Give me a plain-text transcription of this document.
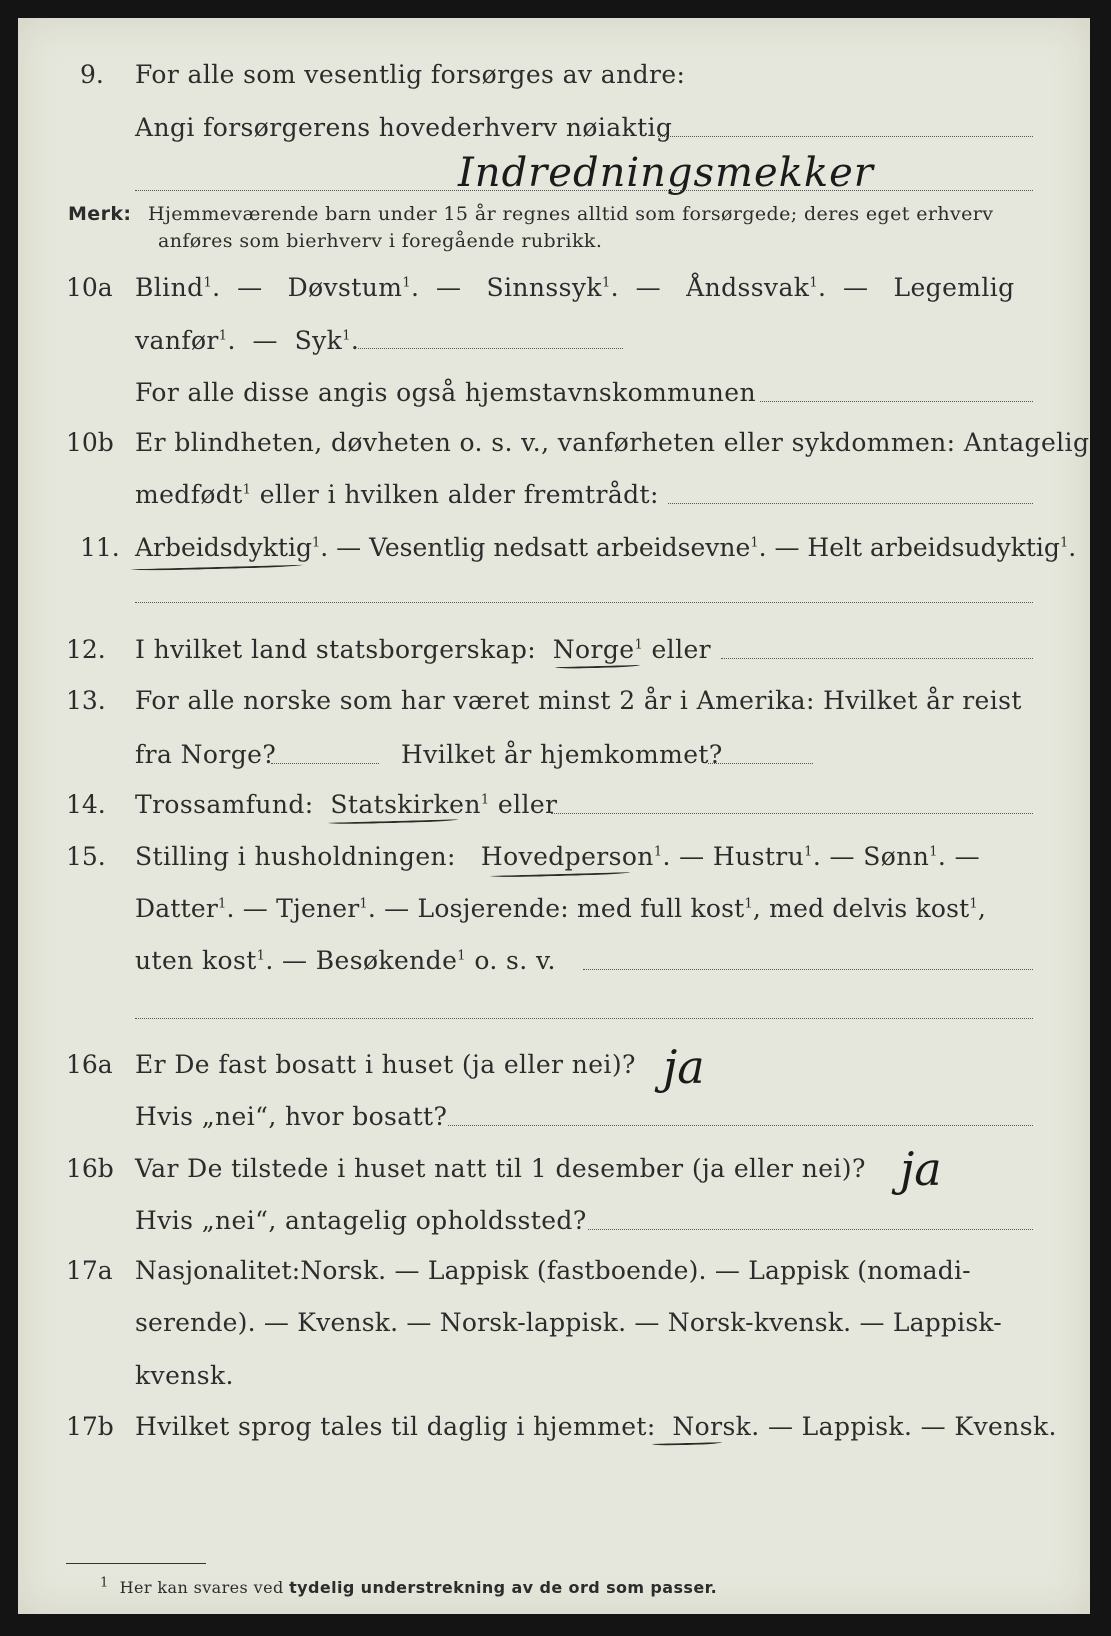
9. For alle som vesentlig forsørges av andre:
Angi forsørgerens hovederhverv nøiaktig
Indredningsmekker
Merk: Hjemmeværende barn under 15 år regnes alltid som forsørgede; deres eget erhverv
anføres som bierhverv i foregående rubrikk.
10a Blind$^1$.  —   Døvstum$^1$.  —   Sinnssyk$^1$.  —   Åndssvak$^1$.  —   Legemlig
vanfør$^1$.  —  Syk$^1$.
For alle disse angis også hjemstavnskommunen
10b Er blindheten, døvheten o. s. v., vanførheten eller sykdommen: Antagelig
medfødt$^1$ eller i hvilken alder fremtrådt:
11. Arbeidsdyktig$^1$. — Vesentlig nedsatt arbeidsevne$^1$. — Helt arbeidsudyktig$^1$.
12. I hvilket land statsborgerskap: Norge$^1$ eller
13. For alle norske som har været minst 2 år i Amerika: Hvilket år reist
fra Norge?	Hvilket år hjemkommet?
14. Trossamfund: Statskirken$^1$ eller
15. Stilling i husholdningen: Hovedperson$^1$. — Hustru$^1$. — Sønn$^1$. —
Datter$^1$. — Tjener$^1$. — Losjerende: med full kost$^1$, med delvis kost$^1$,
uten kost$^1$. — Besøkende$^1$ o. s. v.
16a Er De fast bosatt i huset (ja eller nei)? ja
Hvis „nei“, hvor bosatt?
16b Var De tilstede i huset natt til 1 desember (ja eller nei)? ja
Hvis „nei“, antagelig opholdssted?
17a Nasjonalitet:Norsk. — Lappisk (fastboende). — Lappisk (nomadi-
serende). — Kvensk. — Norsk-lappisk. — Norsk-kvensk. — Lappisk-
kvensk.
17b Hvilket sprog tales til daglig i hjemmet: Norsk. — Lappisk. — Kvensk.
$^1$ Her kan svares ved tydelig understrekning av de ord som passer.
